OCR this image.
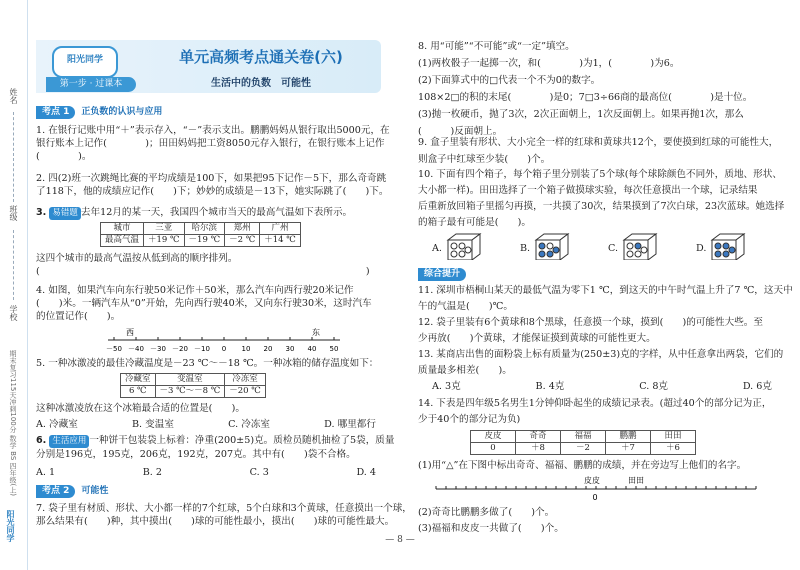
姓名
班级
学校
期末复习115天冲刺100分 数学 BS 四年级(上)
阳光同学
阳光同学
第一步 · 过课本
单元高频考点通关卷(六)
生活中的负数　可能性
考点 1 正负数的认识与应用
1. 在银行记账中用“＋”表示存入，“－”表示支出。鹏鹏妈妈从银行取出5000元，在
银行账本上记作(　　　　)；田田妈妈把工资8050元存入银行，在银行账本上记作
(　　　　)。
2. 四(2)班一次跳绳比赛的平均成绩是100下，如果把95下记作－5下，那么奇奇跳
了118下，他的成绩应记作(　　)下；妙妙的成绩是－13下，她实际跳了(　　)下。
3. 易错题 去年12月的某一天，我国四个城市当天的最高气温如下表所示。
城市	三亚	哈尔滨	郑州	广州
最高气温	＋19 ℃	－19 ℃	－2 ℃	＋14 ℃
这四个城市的最高气温按从低到高的顺序排列。
(　　　　　　　　　　　　　　　　　　　　　　　　　　　　　　　　　　)
4. 如图，如果汽车向东行驶50米记作＋50米，那么汽车向西行驶20米记作
(　　)米。一辆汽车从“0”开始，先向西行驶40米，又向东行驶30米，这时汽车
的位置记作(　　)。
西	东
－50 －40 －30 －20 －10 0 10 20 30 40 50
5. 一种冰激凌的最佳冷藏温度是－23 ℃～－18 ℃。一种冰箱的储存温度如下：
冷藏室	变温室	冷冻室
6 ℃	－3 ℃～－8 ℃	－20 ℃
这种冰激凌放在这个冰箱最合适的位置是(　　)。
A. 冷藏室	B. 变温室	C. 冷冻室	D. 哪里都行
6. 生活应用 一种饼干包装袋上标着：净重(200±5)克。质检员随机抽检了5袋，质量
分别是196克，195克，206克，192克，207克。其中有(　　)袋不合格。
A. 1	B. 2	C. 3	D. 4
考点 2 可能性
7. 袋子里有材质、形状、大小都一样的7个红球，5个白球和3个黄球，任意摸出一个球，
那么结果有(　　)种，其中摸出(　　)球的可能性最小，摸出(　　)球的可能性最大。
8. 用“可能”“不可能”或“一定”填空。
(1)两枚骰子一起掷一次，和(　　　　)为1，(　　　　)为6。
(2)下面算式中的□代表一个不为0的数字。
108×2□的积的末尾(　　　　)是0；7□3÷66商的最高位(　　　　)是十位。
(3)抛一枚硬币，抛了3次，2次正面朝上，1次反面朝上。如果再抛1次，那么
(　　　)反面朝上。
9. 盒子里装有形状、大小完全一样的红球和黄球共12个，要使摸到红球的可能性大，
则盒子中红球至少装(　　)个。
10. 下面有四个箱子，每个箱子里分别装了5个球(每个球除颜色不同外，质地、形状、
大小都一样)。田田选择了一个箱子做摸球实验，每次任意摸出一个球，记录结果
后重新放回箱子里摇匀再摸，一共摸了30次，结果摸到了7次白球，23次蓝球。她选择
的箱子最有可能是(　　)。
A.	B.	C.	D.
综合提升
11. 深圳市梧桐山某天的最低气温为零下1 ℃，到这天的中午时气温上升了7 ℃，这天中
午的气温是(　　)℃。
12. 袋子里装有6个黄球和8个黑球，任意摸一个球，摸到(　　)的可能性大些。至
少再放(　　)个黄球，才能保证摸到黄球的可能性更大。
13. 某商店出售的面粉袋上标有质量为(250±3)克的字样，从中任意拿出两袋，它们的
质量最多相差(　　)。
A. 3克	B. 4克	C. 8克	D. 6克
14. 下表是四年级5名男生1分钟仰卧起坐的成绩记录表。(超过40个的部分记为正，
少于40个的部分记为负)
皮皮	奇奇	福福	鹏鹏	田田
0	＋8	－2	＋7	＋6
(1)用“△”在下图中标出奇奇、福福、鹏鹏的成绩，并在旁边写上他们的名字。
皮皮	田田
0
(2)奇奇比鹏鹏多做了(　　)个。
(3)福福和皮皮一共做了(　　)个。
— 8 —
